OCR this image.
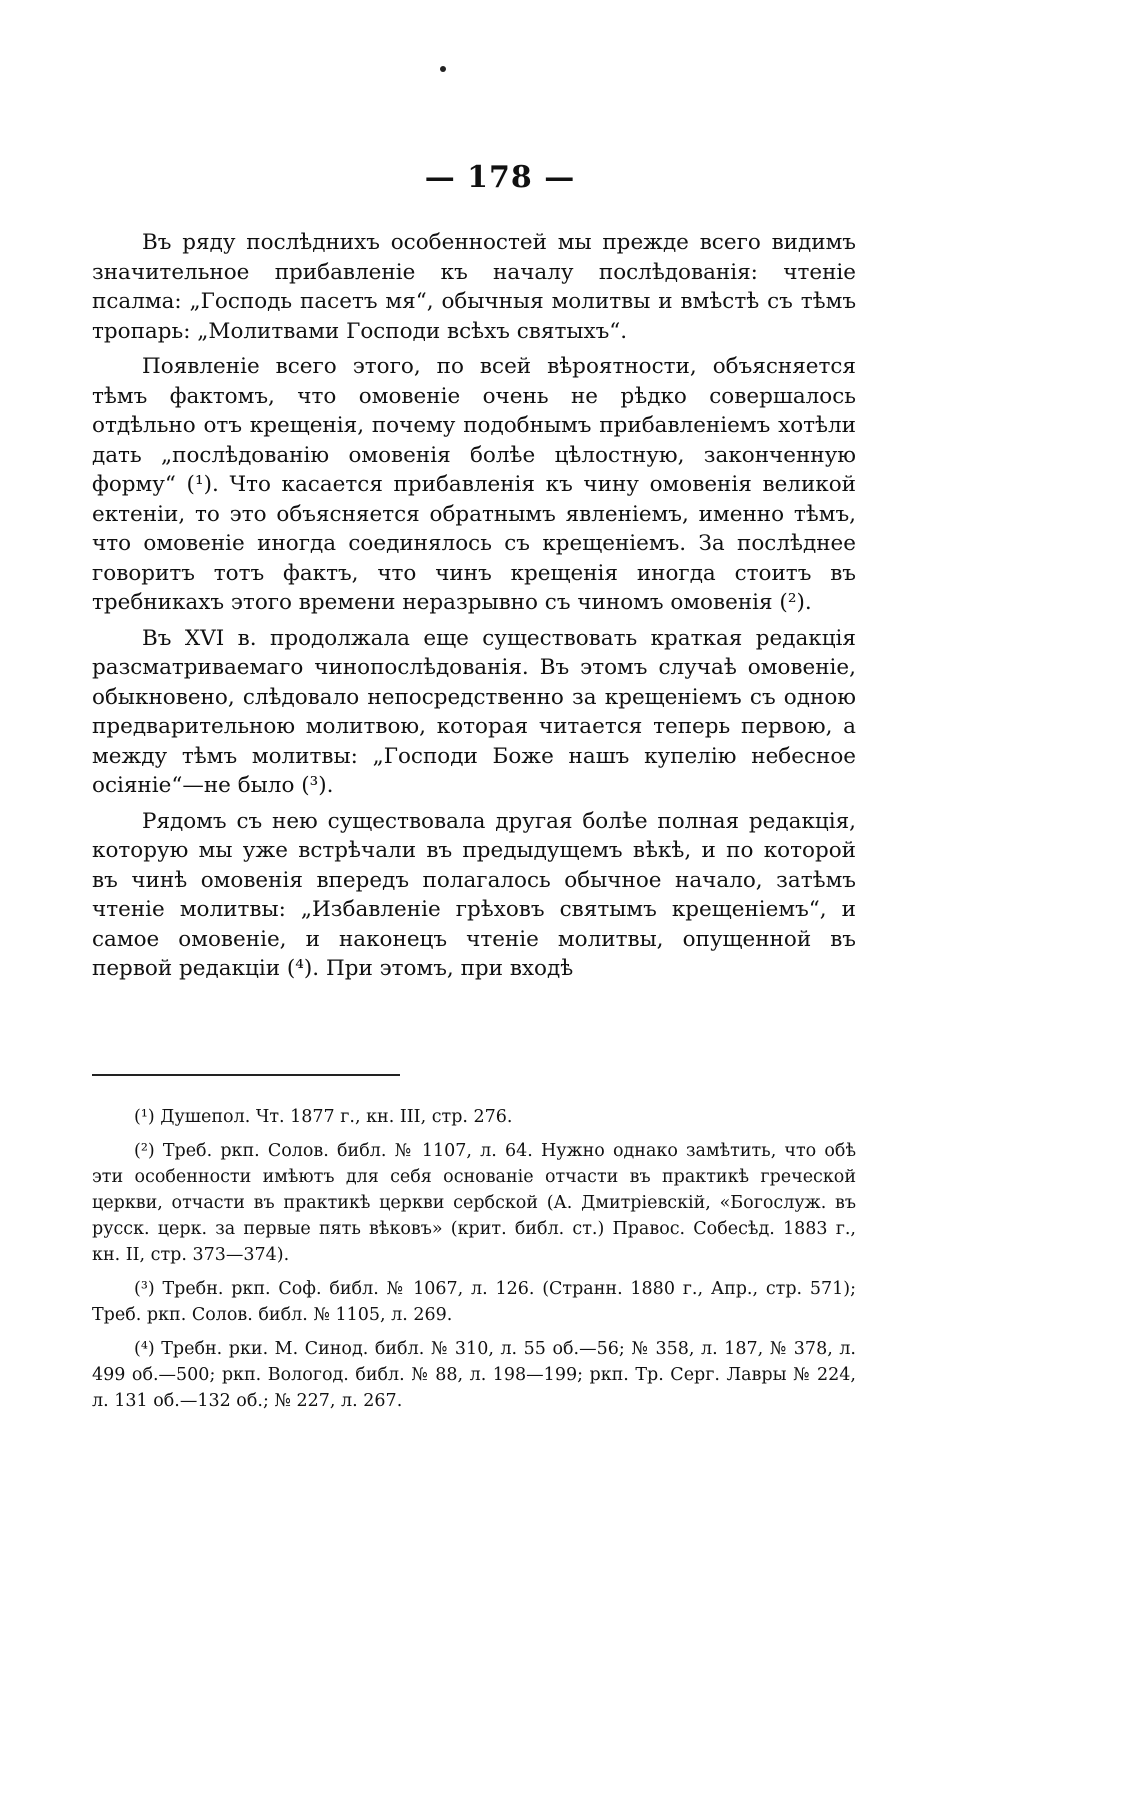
— 178 —

Въ ряду послѣднихъ особенностей мы прежде всего видимъ значительное прибавленіе къ началу послѣдованія: чтеніе псалма: „Господь пасетъ мя“, обычныя молитвы и вмѣстѣ съ тѣмъ тропарь: „Молитвами Господи всѣхъ святыхъ“.

Появленіе всего этого, по всей вѣроятности, объясняется тѣмъ фактомъ, что омовеніе очень не рѣдко совершалось отдѣльно отъ крещенія, почему подобнымъ прибавленіемъ хотѣли дать „послѣдованію омовенія болѣе цѣлостную, законченную форму“ (¹). Что касается прибавленія къ чину омовенія великой ектеніи, то это объясняется обратнымъ явленіемъ, именно тѣмъ, что омовеніе иногда соединялось съ крещеніемъ. За послѣднее говоритъ тотъ фактъ, что чинъ крещенія иногда стоитъ въ требникахъ этого времени неразрывно съ чиномъ омовенія (²).

Въ XVI в. продолжала еще существовать краткая редакція разсматриваемаго чинопослѣдованія. Въ этомъ случаѣ омовеніе, обыкновено, слѣдовало непосредственно за крещеніемъ съ одною предварительною молитвою, которая читается теперь первою, а между тѣмъ молитвы: „Господи Боже нашъ купелію небесное осіяніе“—не было (³).

Рядомъ съ нею существовала другая болѣе полная редакція, которую мы уже встрѣчали въ предыдущемъ вѣкѣ, и по которой въ чинѣ омовенія впередъ полагалось обычное начало, затѣмъ чтеніе молитвы: „Избавленіе грѣховъ святымъ крещеніемъ“, и самое омовеніе, и наконецъ чтеніе молитвы, опущенной въ первой редакціи (⁴). При этомъ, при входѣ

(¹) Душепол. Чт. 1877 г., кн. III, стр. 276.

(²) Треб. ркп. Солов. библ. № 1107, л. 64. Нужно однако замѣтить, что обѣ эти особенности имѣютъ для себя основаніе отчасти въ практикѣ греческой церкви, отчасти въ практикѣ церкви сербской (А. Дмитріевскій, «Богослуж. въ русск. церк. за первые пять вѣковъ» (крит. библ. ст.) Правос. Собесѣд. 1883 г., кн. II, стр. 373—374).

(³) Требн. ркп. Соф. библ. № 1067, л. 126. (Странн. 1880 г., Апр., стр. 571); Треб. ркп. Солов. библ. № 1105, л. 269.

(⁴) Требн. рки. М. Синод. библ. № 310, л. 55 об.—56; № 358, л. 187, № 378, л. 499 об.—500; ркп. Вологод. библ. № 88, л. 198—199; ркп. Тр. Серг. Лавры № 224, л. 131 об.—132 об.; № 227, л. 267.
